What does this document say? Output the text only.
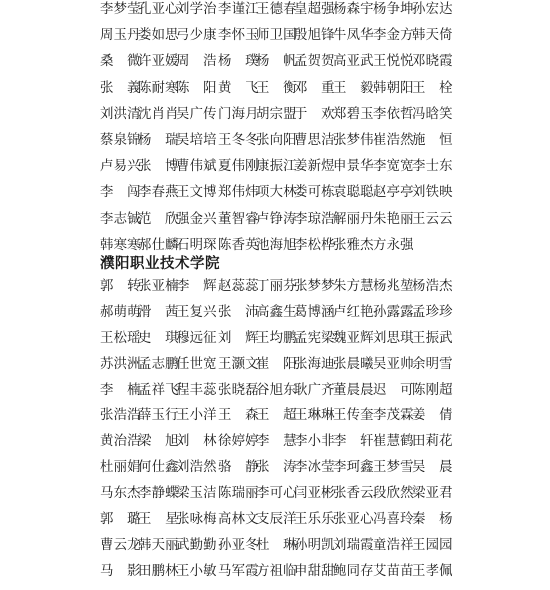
李梦莹
孔亚心
刘学治 李谨江
王德春
皇超强
杨森宇 杨争坤
孙宏达
周玉丹
娄如思
弓少康 李怀玉
师卫国
殷旭锋
牛凤华 李金方
韩天倚
桑　微
许亚媛
周　浩 杨　璞
杨　帆
孟贺贺
高亚武 王悦悦
邓晓霞
张　義
陈耐寒
陈　阳 黄　飞
王　衡
邓　重
王　毅 韩朝阳
王　栓
刘洪清
沈肖肖
吴广传 门海月
胡宗盟
于　欢
郑碧玉 李依哲
冯晗笑
蔡泉锦
杨　瑞
吴培培 王冬冬
张向阳
曹思洁
张梦伟 崔浩然
施　恒
卢易兴
张　博
曹伟斌 夏伟刚
康振江
姜新煜
申景华 李宽宽
李士东
李　闯
李春燕
王文博 郑伟炜
项大林
娄可栋
袁聪聪 赵亭亭
刘铁映
李志铖
范　欣
强金兴 董智睿
卢铮涛
李琼浩
解丽丹 朱艳丽
王云云
韩寒寒
郝仕麟
石明琛 陈香英
池海旭
李松桦
张雅杰 方永强
濮阳职业技术学院
郭　转
张亚楠
李　辉 赵蕊蕊
丁丽芬
张梦梦
朱方慧 杨兆堃
杨浩杰
郝萌萌
滑　茜
王复兴 张　沛
高鑫生
葛博涵
卢红艳 孙露露
孟珍珍
王松瑶
史　琪
穆远征 刘　辉
王均鹏
孟宪梁
魏亚辉 刘思琪
王振武
苏洪洲
孟志鹏
任世宽 王灏文
崔　阳
张海迪
张晨曦 吴亚帅
余明雪
李　楠
孟祥飞
程丰蕊 张晓磊
谷旭东
耿广齐
董晨晨 迟　可
陈刚超
张浩浩
薛玉行
王小洋 王　森
王　超
王琳琳
王传奎 李茂霖
姜　倩
黄治浩
梁　旭
刘　林 徐婷婷
李　慧
李小非
李　轩 崔慧鹤
田莉花
杜丽娟
何仕鑫
刘浩然 骆　静
张　涛
李冰莹
李珂鑫 王梦雪
吴　晨
马东杰
李静蝶
梁玉洁 陈瑞丽
李可心
闫亚彬
张香云 段欣然
梁亚君
郭　璐
王　星
张咏梅 高林文
支辰洋
王乐乐
张亚心 冯喜玲
秦　杨
曹云龙
韩天丽
武勤勤 孙亚冬
杜　琳
孙明凯
刘瑞霞 童浩祥
王园园
马　影
田鹏林
王小敏 马军霞
方祖临
申甜甜
鲍同存 艾苗苗
王孝佩
